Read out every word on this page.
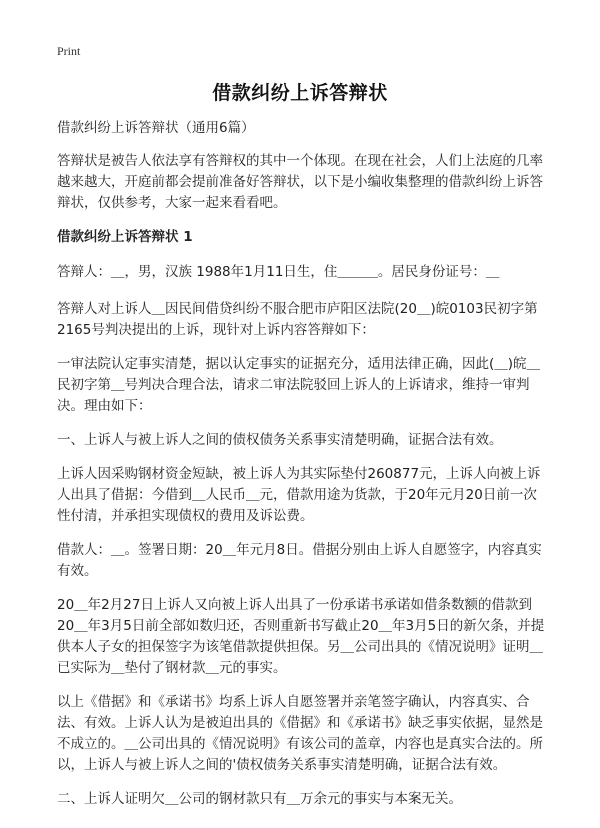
Print
借款纠纷上诉答辩状

借款纠纷上诉答辩状（通用6篇）

答辩状是被告人依法享有答辩权的其中一个体现。在现在社会，人们上法庭的几率越来越大，开庭前都会提前准备好答辩状，以下是小编收集整理的借款纠纷上诉答辩状，仅供参考，大家一起来看看吧。

借款纠纷上诉答辩状 1

答辩人：＿，男，汉族 1988年1月11日生，住＿＿＿。居民身份证号：＿

答辩人对上诉人＿因民间借贷纠纷不服合肥市庐阳区法院(20＿)皖0103民初字第2165号判决提出的上诉，现针对上诉内容答辩如下：

一审法院认定事实清楚，据以认定事实的证据充分，适用法律正确，因此(＿)皖＿民初字第＿号判决合理合法，请求二审法院驳回上诉人的上诉请求，维持一审判决。理由如下：

一、上诉人与被上诉人之间的债权债务关系事实清楚明确，证据合法有效。

上诉人因采购钢材资金短缺，被上诉人为其实际垫付260877元，上诉人向被上诉人出具了借据：今借到＿人民币＿元，借款用途为货款，于20年元月20日前一次性付清，并承担实现债权的费用及诉讼费。

借款人：＿。签署日期：20＿年元月8日。借据分别由上诉人自愿签字，内容真实有效。

20＿年2月27日上诉人又向被上诉人出具了一份承诺书承诺如借条数额的借款到20＿年3月5日前全部如数归还，否则重新书写截止20＿年3月5日的新欠条，并提供本人子女的担保签字为该笔借款提供担保。另＿公司出具的《情况说明》证明＿已实际为＿垫付了钢材款＿元的事实。

以上《借据》和《承诺书》均系上诉人自愿签署并亲笔签字确认，内容真实、合法、有效。上诉人认为是被迫出具的《借据》和《承诺书》缺乏事实依据，显然是不成立的。＿公司出具的《情况说明》有该公司的盖章，内容也是真实合法的。所以，上诉人与被上诉人之间的'债权债务关系事实清楚明确，证据合法有效。

二、上诉人证明欠＿公司的钢材款只有＿万余元的事实与本案无关。
